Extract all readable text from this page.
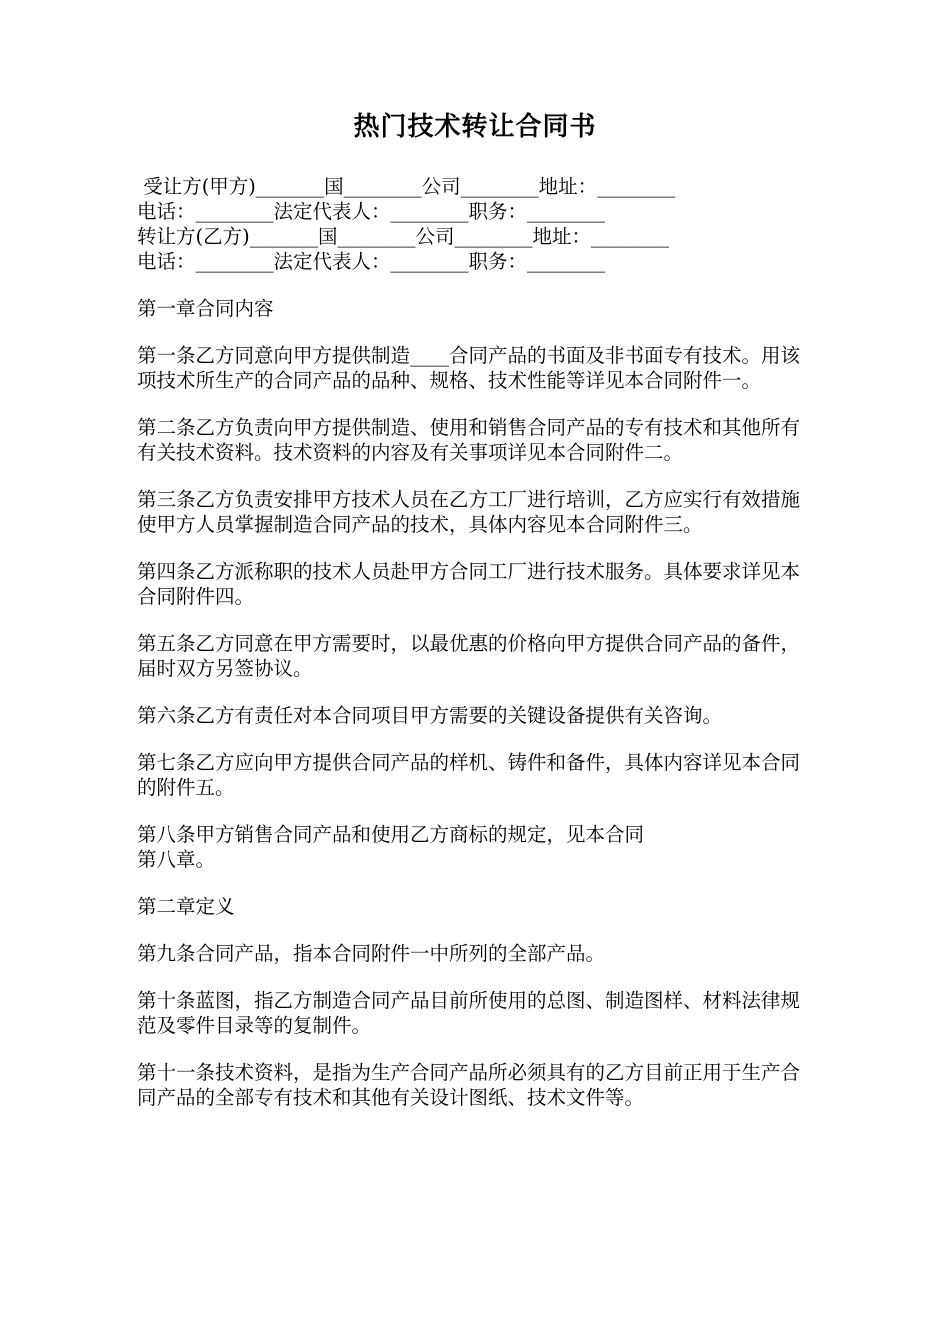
热门技术转让合同书

受让方(甲方)_______国________公司________地址：________

电话：________法定代表人：________职务：________

转让方(乙方)_______国________公司________地址：________

电话：________法定代表人：________职务：________

第一章合同内容

第一条乙方同意向甲方提供制造____合同产品的书面及非书面专有技术。用该项技术所生产的合同产品的品种、规格、技术性能等详见本合同附件一。

第二条乙方负责向甲方提供制造、使用和销售合同产品的专有技术和其他所有有关技术资料。技术资料的内容及有关事项详见本合同附件二。

第三条乙方负责安排甲方技术人员在乙方工厂进行培训，乙方应实行有效措施使甲方人员掌握制造合同产品的技术，具体内容见本合同附件三。

第四条乙方派称职的技术人员赴甲方合同工厂进行技术服务。具体要求详见本合同附件四。

第五条乙方同意在甲方需要时，以最优惠的价格向甲方提供合同产品的备件，届时双方另签协议。

第六条乙方有责任对本合同项目甲方需要的关键设备提供有关咨询。

第七条乙方应向甲方提供合同产品的样机、铸件和备件，具体内容详见本合同的附件五。

第八条甲方销售合同产品和使用乙方商标的规定，见本合同
第八章。

第二章定义

第九条合同产品，指本合同附件一中所列的全部产品。

第十条蓝图，指乙方制造合同产品目前所使用的总图、制造图样、材料法律规范及零件目录等的复制件。

第十一条技术资料，是指为生产合同产品所必须具有的乙方目前正用于生产合同产品的全部专有技术和其他有关设计图纸、技术文件等。
